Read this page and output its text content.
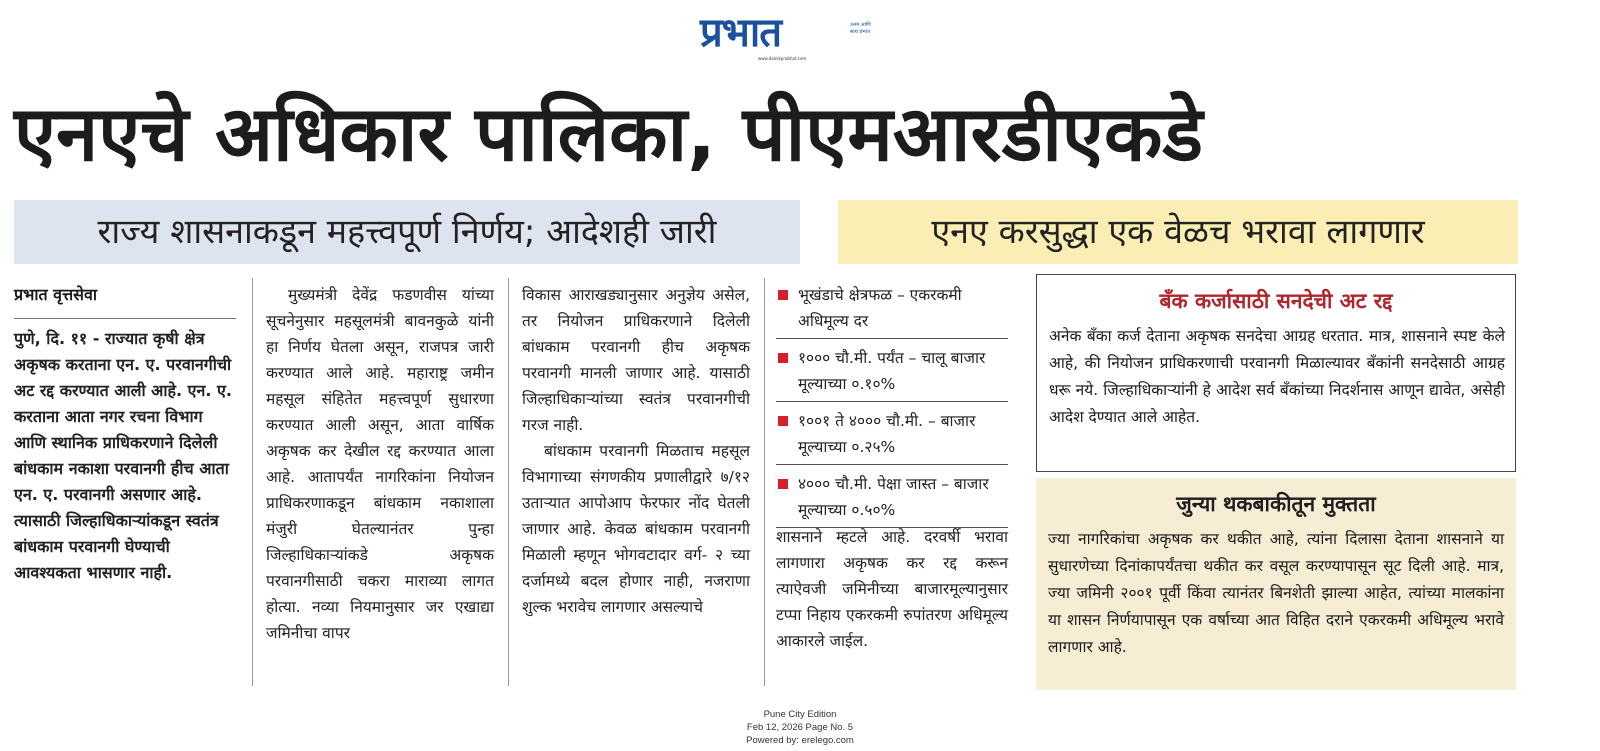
प्रभात	उत्तम आणि सत्य प्रभात
www.dainikprabhat.com
एनएचे अधिकार पालिका, पीएमआरडीएकडे
राज्य शासनाकडून महत्त्वपूर्ण निर्णय; आदेशही जारी	एनए करसुद्धा एक वेळच भरावा लागणार
प्रभात वृत्तसेवा
पुणे, दि. ११ - राज्यात कृषी क्षेत्र अकृषक करताना एन. ए. परवानगीची अट रद्द करण्यात आली आहे. एन. ए. करताना आता नगर रचना विभाग आणि स्थानिक प्राधिकरणाने दिलेली बांधकाम नकाशा परवानगी हीच आता एन. ए. परवानगी असणार आहे. त्यासाठी जिल्हाधिकाऱ्यांकडून स्वतंत्र बांधकाम परवानगी घेण्याची आवश्यकता भासणार नाही.
मुख्यमंत्री देवेंद्र फडणवीस यांच्या सूचनेनुसार महसूलमंत्री बावनकुळे यांनी हा निर्णय घेतला असून, राजपत्र जारी करण्यात आले आहे. महाराष्ट्र जमीन महसूल संहितेत महत्त्वपूर्ण सुधारणा करण्यात आली असून, आता वार्षिक अकृषक कर देखील रद्द करण्यात आला आहे. आतापर्यंत नागरिकांना नियोजन प्राधिकरणाकडून बांधकाम नकाशाला मंजुरी घेतल्यानंतर पुन्हा जिल्हाधिकाऱ्यांकडे अकृषक परवानगीसाठी चकरा माराव्या लागत होत्या. नव्या नियमानुसार जर एखाद्या जमिनीचा वापर

विकास आराखड्यानुसार अनुज्ञेय असेल, तर नियोजन प्राधिकरणाने दिलेली बांधकाम परवानगी हीच अकृषक परवानगी मानली जाणार आहे. यासाठी जिल्हाधिकाऱ्यांच्या स्वतंत्र परवानगीची गरज नाही.

बांधकाम परवानगी मिळताच महसूल विभागाच्या संगणकीय प्रणालीद्वारे ७/१२ उताऱ्यात आपोआप फेरफार नोंद घेतली जाणार आहे. केवळ बांधकाम परवानगी मिळाली म्हणून भोगवटादार वर्ग- २ च्या दर्जामध्ये बदल होणार नाही, नजराणा शुल्क भरावेच लागणार असल्याचे

भूखंडाचे क्षेत्रफळ – एकरकमी अधिमूल्य दर
१००० चौ.मी. पर्यंत – चालू बाजार मूल्याच्या ०.१०%
१००१ ते ४००० चौ.मी. – बाजार मूल्याच्या ०.२५%
४००० चौ.मी. पेक्षा जास्त – बाजार मूल्याच्या ०.५०%
शासनाने म्हटले आहे. दरवर्षी भरावा लागणारा अकृषक कर रद्द करून त्याऐवजी जमिनीच्या बाजारमूल्यानुसार टप्पा निहाय एकरकमी रुपांतरण अधिमूल्य आकारले जाईल.
बँक कर्जासाठी सनदेची अट रद्द
अनेक बँका कर्ज देताना अकृषक सनदेचा आग्रह धरतात. मात्र, शासनाने स्पष्ट केले आहे, की नियोजन प्राधिकरणाची परवानगी मिळाल्यावर बँकांनी सनदेसाठी आग्रह धरू नये. जिल्हाधिकाऱ्यांनी हे आदेश सर्व बँकांच्या निदर्शनास आणून द्यावेत, असेही आदेश देण्यात आले आहेत.
जुन्या थकबाकीतून मुक्तता
ज्या नागरिकांचा अकृषक कर थकीत आहे, त्यांना दिलासा देताना शासनाने या सुधारणेच्या दिनांकापर्यंतचा थकीत कर वसूल करण्यापासून सूट दिली आहे. मात्र, ज्या जमिनी २००१ पूर्वी किंवा त्यानंतर बिनशेती झाल्या आहेत, त्यांच्या मालकांना या शासन निर्णयापासून एक वर्षाच्या आत विहित दराने एकरकमी अधिमूल्य भरावे लागणार आहे.
Pune City Edition
Feb 12, 2026 Page No. 5
Powered by: erelego.com
